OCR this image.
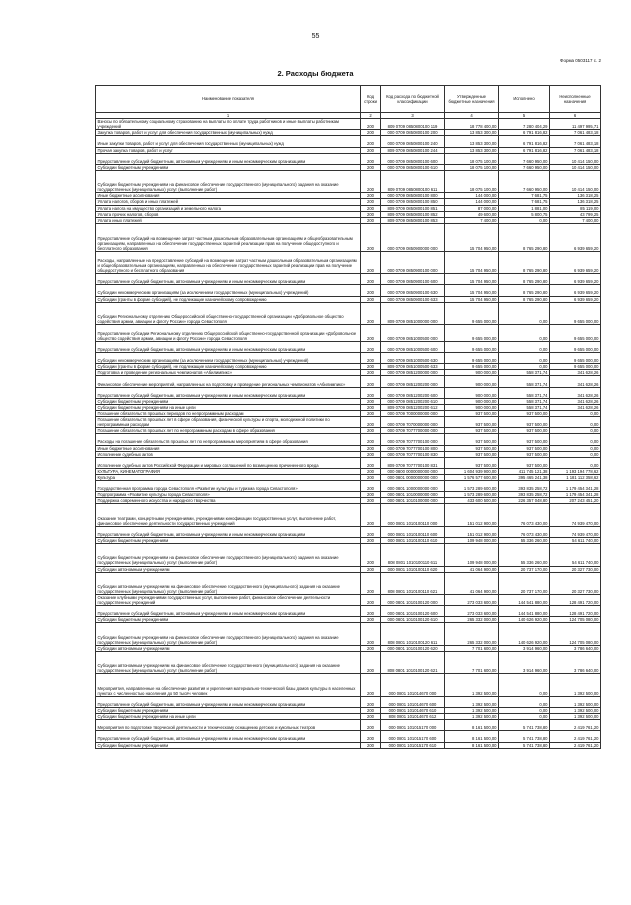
55
Форма 0503117 с. 2
2. Расходы бюджета
Наименование показателя	Код строки	Код расхода по бюджетной классификации	Утвержденные бюджетные назначения	Исполнено	Неисполненные назначения
1	2	3	4	5	6
Взносы по обязательному социальному страхованию на выплаты по оплате труда работников и иные выплаты работникам учреждений	200	809 0709 0850800100 119	18 778 400,00	7 280 404,29	11 497 995,71
Закупка товаров, работ и услуг для обеспечения государственных (муниципальных) нужд	200	000 0709 0850800100 200	13 853 300,00	6 791 816,82	7 061 483,18
Иные закупки товаров, работ и услуг для обеспечения государственных (муниципальных) нужд	200	000 0709 0850800100 240	13 853 300,00	6 791 816,82	7 061 483,18
Прочая закупка товаров, работ и услуг	200	809 0709 0850800100 244	13 853 300,00	6 791 816,82	7 061 483,18
Предоставление субсидий бюджетным, автономным учреждениям и иным некоммерческим организациям	200	000 0709 0850800100 600	18 075 100,00	7 660 950,00	10 414 150,00
Субсидии бюджетным учреждениям	200	000 0709 0850800100 610	18 075 100,00	7 660 950,00	10 414 150,00
Субсидии бюджетным учреждениям на финансовое обеспечение государственного (муниципального) задания на оказание государственных (муниципальных) услуг (выполнение работ)	200	809 0709 0850800100 611	18 075 100,00	7 660 950,00	10 414 150,00
Иные бюджетные ассигнования	200	000 0709 0850800100 800	144 000,00	7 681,75	136 318,25
Уплата налогов, сборов и иных платежей	200	000 0709 0850800100 850	144 000,00	7 681,75	136 318,25
Уплата налога на имущество организаций и земельного налога	200	809 0709 0850800100 851	87 000,00	1 881,00	85 119,00
Уплата прочих налогов, сборов	200	809 0709 0850800100 852	49 600,00	5 800,75	43 799,25
Уплата иных платежей	200	809 0709 0850800100 853	7 400,00	0,00	7 400,00
Предоставление субсидий на возмещение затрат частным дошкольным образовательным организациям и общеобразовательным организациям, направленных на обеспечение государственных гарантий реализации прав на получение общедоступного и бесплатного образования	200	000 0709 0850900000 000	15 704 950,00	8 765 290,80	6 939 659,20
Расходы, направленные на предоставление субсидий на возмещение затрат частным дошкольным образовательным организациям и общеобразовательным организациям, направленных на обеспечение государственных гарантий реализации прав на получение общедоступного и бесплатного образования	200	000 0709 0850900100 000	15 704 950,00	8 765 290,80	6 939 659,20
Предоставление субсидий бюджетным, автономным учреждениям и иным некоммерческим организациям	200	000 0709 0850900100 600	15 704 950,00	8 765 290,80	6 939 659,20
Субсидии некоммерческим организациям (за исключением государственных (муниципальных) учреждений)	200	000 0709 0850900100 630	15 704 950,00	8 765 290,80	6 939 659,20
Субсидии (гранты в форме субсидий), не подлежащие казначейскому сопровождению	200	000 0709 0850900100 633	15 704 950,00	8 765 290,80	6 939 659,20
Субсидии Региональному отделению Общероссийской общественно-государственной организации «Добровольное общество содействия армии, авиации и флоту России» города Севастополя	200	809 0709 0851000000 000	9 655 000,00	0,00	9 655 000,00
Предоставление субсидии Региональному отделению Общероссийской общественно-государственной организации «Добровольное общество содействия армии, авиации и флоту России» города Севастополя	200	000 0709 0851000500 000	9 655 000,00	0,00	9 655 000,00
Предоставление субсидий бюджетным, автономным учреждениям и иным некоммерческим организациям	200	000 0709 0851000500 600	9 655 000,00	0,00	9 655 000,00
Субсидии некоммерческим организациям (за исключением государственных (муниципальных) учреждений)	200	000 0709 0851000500 630	9 655 000,00	0,00	9 655 000,00
Субсидии (гранты в форме субсидий), не подлежащие казначейскому сопровождению	200	809 0709 0851000500 633	9 655 000,00	0,00	9 655 000,00
Подготовка и проведение региональных чемпионатов «Абилимпикс»	200	000 0709 0851200000 000	900 000,00	558 371,74	341 628,26
Финансовое обеспечение мероприятий, направленных на подготовку и проведение региональных чемпионатов «Абилимпикс»	200	000 0709 0851200200 000	900 000,00	558 371,74	341 628,26
Предоставление субсидий бюджетным, автономным учреждениям и иным некоммерческим организациям	200	000 0709 0851200200 600	900 000,00	558 371,74	341 628,26
Субсидии бюджетным учреждениям	200	000 0709 0851200200 610	900 000,00	558 371,74	341 628,26
Субсидии бюджетным учреждениям на иные цели	200	809 0709 0851200200 612	900 000,00	558 371,74	341 628,26
Погашение обязательств прошлых периодов по непрограммным расходам	200	000 0709 7000000000 000	937 500,00	937 500,00	0,00
Погашение обязательств прошлых лет в сфере образования, физической культуры и спорта, молодежной политики по непрограммным расходам	200	000 0709 7070000000 000	937 500,00	937 500,00	0,00
Погашение обязательств прошлых лет по непрограммным расходам в сфере образования	200	000 0709 7077700000 000	937 500,00	937 500,00	0,00
Расходы на погашение обязательств прошлых лет по непрограммным мероприятиям в сфере образования	200	000 0709 7077700100 000	937 500,00	937 500,00	0,00
Иные бюджетные ассигнования	200	000 0709 7077700100 800	937 500,00	937 500,00	0,00
Исполнение судебных актов	200	000 0709 7077700100 830	937 500,00	937 500,00	0,00
Исполнение судебных актов Российской Федерации и мировых соглашений по возмещению причиненного вреда	200	809 0709 7077700100 831	937 500,00	937 500,00	0,00
КУЛЬТУРА, КИНЕМАТОГРАФИЯ	200	000 0800 0000000000 000	1 604 939 900,00	411 745 121,38	1 193 194 778,62
Культура	200	000 0801 0000000000 000	1 576 577 600,00	395 465 241,38	1 181 112 358,62
Государственная программа города Севастополя «Развитие культуры и туризма города Севастополя»	200	000 0801 1000000000 000	1 573 289 600,00	393 835 258,72	1 179 454 341,28
Подпрограмма «Развитие культуры города Севастополя»	200	000 0801 1010000000 000	1 573 289 600,00	393 835 258,72	1 179 454 341,28
Поддержка современного искусства и народного творчества	200	000 0801 1010100000 000	433 600 500,00	226 357 048,80	207 243 451,20
Оказание театрами, концертными учреждениями, учреждениями кинофикации государственных услуг, выполнение работ, финансовое обеспечение деятельности государственных учреждений	200	000 0801 1010100110 000	151 012 900,00	76 073 430,00	74 939 470,00
Предоставление субсидий бюджетным, автономным учреждениям и иным некоммерческим организациям	200	000 0801 1010100110 600	151 012 900,00	76 073 430,00	74 939 470,00
Субсидии бюджетным учреждениям	200	000 0801 1010100110 610	109 948 000,00	55 336 260,00	54 611 740,00
Субсидии бюджетным учреждениям на финансовое обеспечение государственного (муниципального) задания на оказание государственных (муниципальных) услуг (выполнение работ)	200	808 0801 1010100110 611	109 948 000,00	55 336 260,00	54 611 740,00
Субсидии автономным учреждениям	200	000 0801 1010100110 620	41 064 900,00	20 737 170,00	20 327 730,00
Субсидии автономным учреждениям на финансовое обеспечение государственного (муниципального) задания на оказание государственных (муниципальных) услуг (выполнение работ)	200	808 0801 1010100110 621	41 064 900,00	20 737 170,00	20 327 730,00
Оказание клубными учреждениями государственных услуг, выполнение работ, финансовое обеспечение деятельности государственных учреждений	200	000 0801 1010100120 000	273 033 600,00	144 541 880,00	128 491 720,00
Предоставление субсидий бюджетным, автономным учреждениям и иным некоммерческим организациям	200	000 0801 1010100120 600	273 033 600,00	144 541 880,00	128 491 720,00
Субсидии бюджетным учреждениям	200	000 0801 1010100120 610	265 332 000,00	140 626 920,00	124 705 080,00
Субсидии бюджетным учреждениям на финансовое обеспечение государственного (муниципального) задания на оказание государственных (муниципальных) услуг (выполнение работ)	200	808 0801 1010100120 611	265 332 000,00	140 626 920,00	124 705 080,00
Субсидии автономным учреждениям	200	000 0801 1010100120 620	7 701 600,00	3 914 960,00	3 786 640,00
Субсидии автономным учреждениям на финансовое обеспечение государственного (муниципального) задания на оказание государственных (муниципальных) услуг (выполнение работ)	200	808 0801 1010100120 621	7 701 600,00	3 914 960,00	3 786 640,00
Мероприятия, направленные на обеспечение развития и укрепления материально-технической базы домов культуры в населенных пунктах с численностью населения до 50 тысяч человек	200	000 0801 101014670 000	1 392 500,00	0,00	1 392 500,00
Предоставление субсидий бюджетным, автономным учреждениям и иным некоммерческим организациям	200	000 0801 101014670 600	1 392 500,00	0,00	1 392 500,00
Субсидии бюджетным учреждениям	200	000 0801 101014670 610	1 392 500,00	0,00	1 392 500,00
Субсидии бюджетным учреждениям на иные цели	200	808 0801 101014670 612	1 392 500,00	0,00	1 392 500,00
Мероприятия по подготовке творческой деятельности и техническому оснащению детских и кукольных театров	200	000 0801 101015170 000	8 161 500,00	5 741 738,80	2 419 761,20
Предоставление субсидий бюджетным, автономным учреждениям и иным некоммерческим организациям	200	000 0801 101015170 600	8 161 500,00	5 741 738,80	2 419 761,20
Субсидии бюджетным учреждениям	200	000 0801 101015170 610	8 161 500,00	5 741 738,80	2 419 761,20
